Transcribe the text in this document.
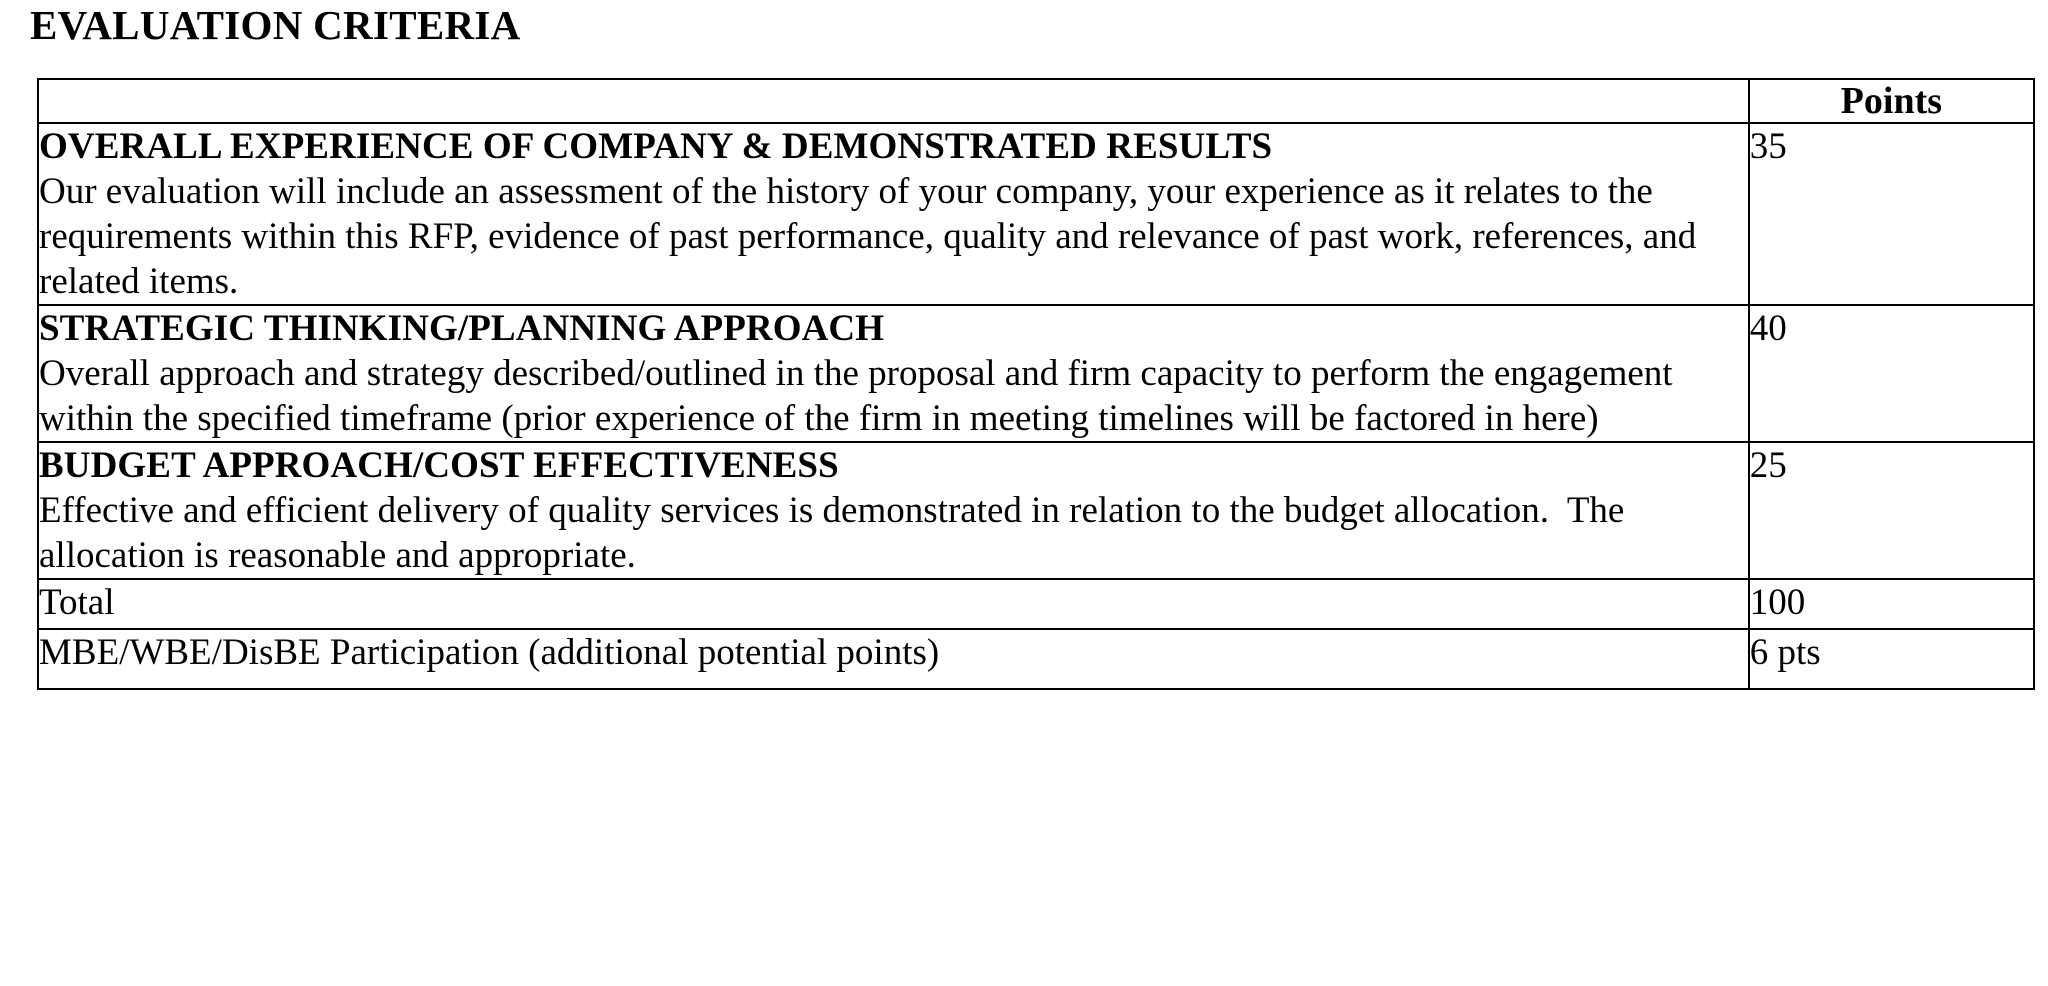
EVALUATION CRITERIA

	Points

OVERALL EXPERIENCE OF COMPANY & DEMONSTRATED RESULTS
Our evaluation will include an assessment of the history of your company, your experience as it relates to the requirements within this RFP, evidence of past performance, quality and relevance of past work, references, and related items.	35

STRATEGIC THINKING/PLANNING APPROACH
Overall approach and strategy described/outlined in the proposal and firm capacity to perform the engagement within the specified timeframe (prior experience of the firm in meeting timelines will be factored in here)	40

BUDGET APPROACH/COST EFFECTIVENESS
Effective and efficient delivery of quality services is demonstrated in relation to the budget allocation.  The allocation is reasonable and appropriate.	25

Total	100

MBE/WBE/DisBE Participation (additional potential points)	6 pts
